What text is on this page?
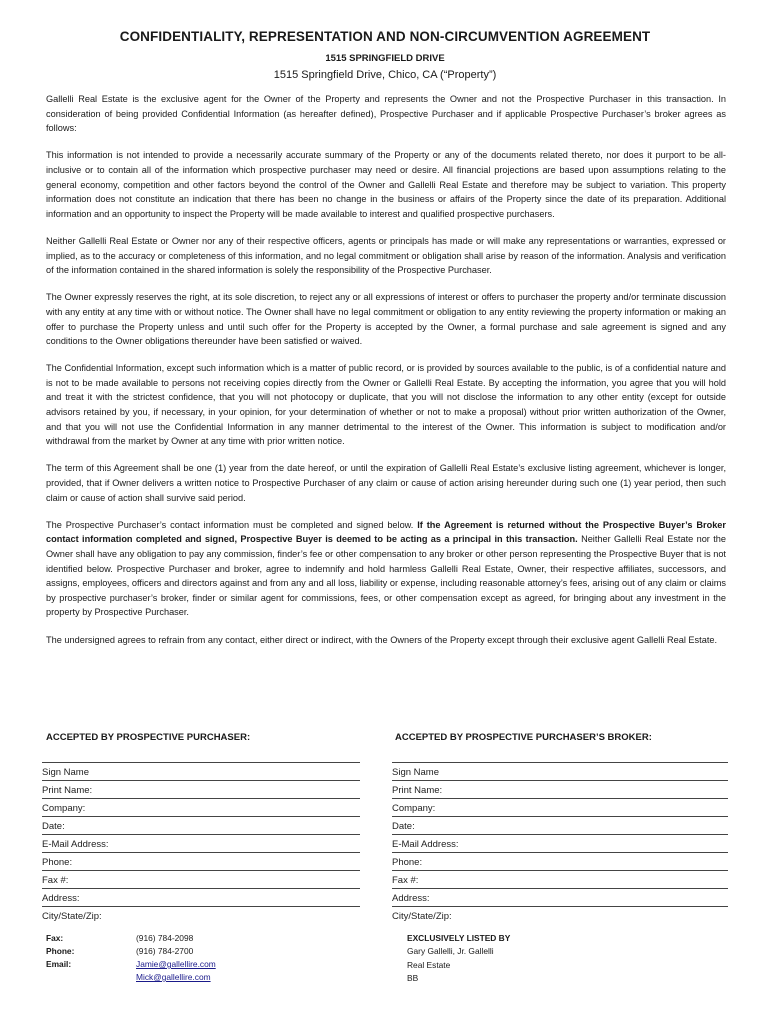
CONFIDENTIALITY, REPRESENTATION AND NON-CIRCUMVENTION AGREEMENT
1515 SPRINGFIELD DRIVE
1515 Springfield Drive, Chico, CA (“Property”)

Gallelli Real Estate is the exclusive agent for the Owner of the Property and represents the Owner and not the Prospective Purchaser in this transaction. In consideration of being provided Confidential Information (as hereafter defined), Prospective Purchaser and if applicable Prospective Purchaser’s broker agrees as follows:

This information is not intended to provide a necessarily accurate summary of the Property or any of the documents related thereto, nor does it purport to be all-inclusive or to contain all of the information which prospective purchaser may need or desire. All financial projections are based upon assumptions relating to the general economy, competition and other factors beyond the control of the Owner and Gallelli Real Estate and therefore may be subject to variation. This property information does not constitute an indication that there has been no change in the business or affairs of the Property since the date of its preparation. Additional information and an opportunity to inspect the Property will be made available to interest and qualified prospective purchasers.

Neither Gallelli Real Estate or Owner nor any of their respective officers, agents or principals has made or will make any representations or warranties, expressed or implied, as to the accuracy or completeness of this information, and no legal commitment or obligation shall arise by reason of the information. Analysis and verification of the information contained in the shared information is solely the responsibility of the Prospective Purchaser.

The Owner expressly reserves the right, at its sole discretion, to reject any or all expressions of interest or offers to purchaser the property and/or terminate discussion with any entity at any time with or without notice. The Owner shall have no legal commitment or obligation to any entity reviewing the property information or making an offer to purchase the Property unless and until such offer for the Property is accepted by the Owner, a formal purchase and sale agreement is signed and any conditions to the Owner obligations thereunder have been satisfied or waived.

The Confidential Information, except such information which is a matter of public record, or is provided by sources available to the public, is of a confidential nature and is not to be made available to persons not receiving copies directly from the Owner or Gallelli Real Estate. By accepting the information, you agree that you will hold and treat it with the strictest confidence, that you will not photocopy or duplicate, that you will not disclose the information to any other entity (except for outside advisors retained by you, if necessary, in your opinion, for your determination of whether or not to make a proposal) without prior written authorization of the Owner, and that you will not use the Confidential Information in any manner detrimental to the interest of the Owner. This information is subject to modification and/or withdrawal from the market by Owner at any time with prior written notice.

The term of this Agreement shall be one (1) year from the date hereof, or until the expiration of Gallelli Real Estate’s exclusive listing agreement, whichever is longer, provided, that if Owner delivers a written notice to Prospective Purchaser of any claim or cause of action arising hereunder during such one (1) year period, then such claim or cause of action shall survive said period.

The Prospective Purchaser’s contact information must be completed and signed below. If the Agreement is returned without the Prospective Buyer’s Broker contact information completed and signed, Prospective Buyer is deemed to be acting as a principal in this transaction. Neither Gallelli Real Estate nor the Owner shall have any obligation to pay any commission, finder’s fee or other compensation to any broker or other person representing the Prospective Buyer that is not identified below. Prospective Purchaser and broker, agree to indemnify and hold harmless Gallelli Real Estate, Owner, their respective affiliates, successors, and assigns, employees, officers and directors against and from any and all loss, liability or expense, including reasonable attorney’s fees, arising out of any claim or claims by prospective purchaser’s broker, finder or similar agent for commissions, fees, or other compensation except as agreed, for bringing about any investment in the property by Prospective Purchaser.

The undersigned agrees to refrain from any contact, either direct or indirect, with the Owners of the Property except through their exclusive agent Gallelli Real Estate.

ACCEPTED BY PROSPECTIVE PURCHASER:	ACCEPTED BY PROSPECTIVE PURCHASER’S BROKER:
Sign Name
Print Name:
Company:
Date:
E-Mail Address:
Phone:
Fax #:
Address:
City/State/Zip:
Sign Name
Print Name:
Company:
Date:
E-Mail Address:
Phone:
Fax #:
Address:
City/State/Zip:
Fax:	(916) 784-2098
Phone:	(916) 784-2700
Email:	Jamie@gallellire.com
Mick@gallellire.com
EXCLUSIVELY LISTED BY
Gary Gallelli, Jr. Gallelli
Real Estate
BB
